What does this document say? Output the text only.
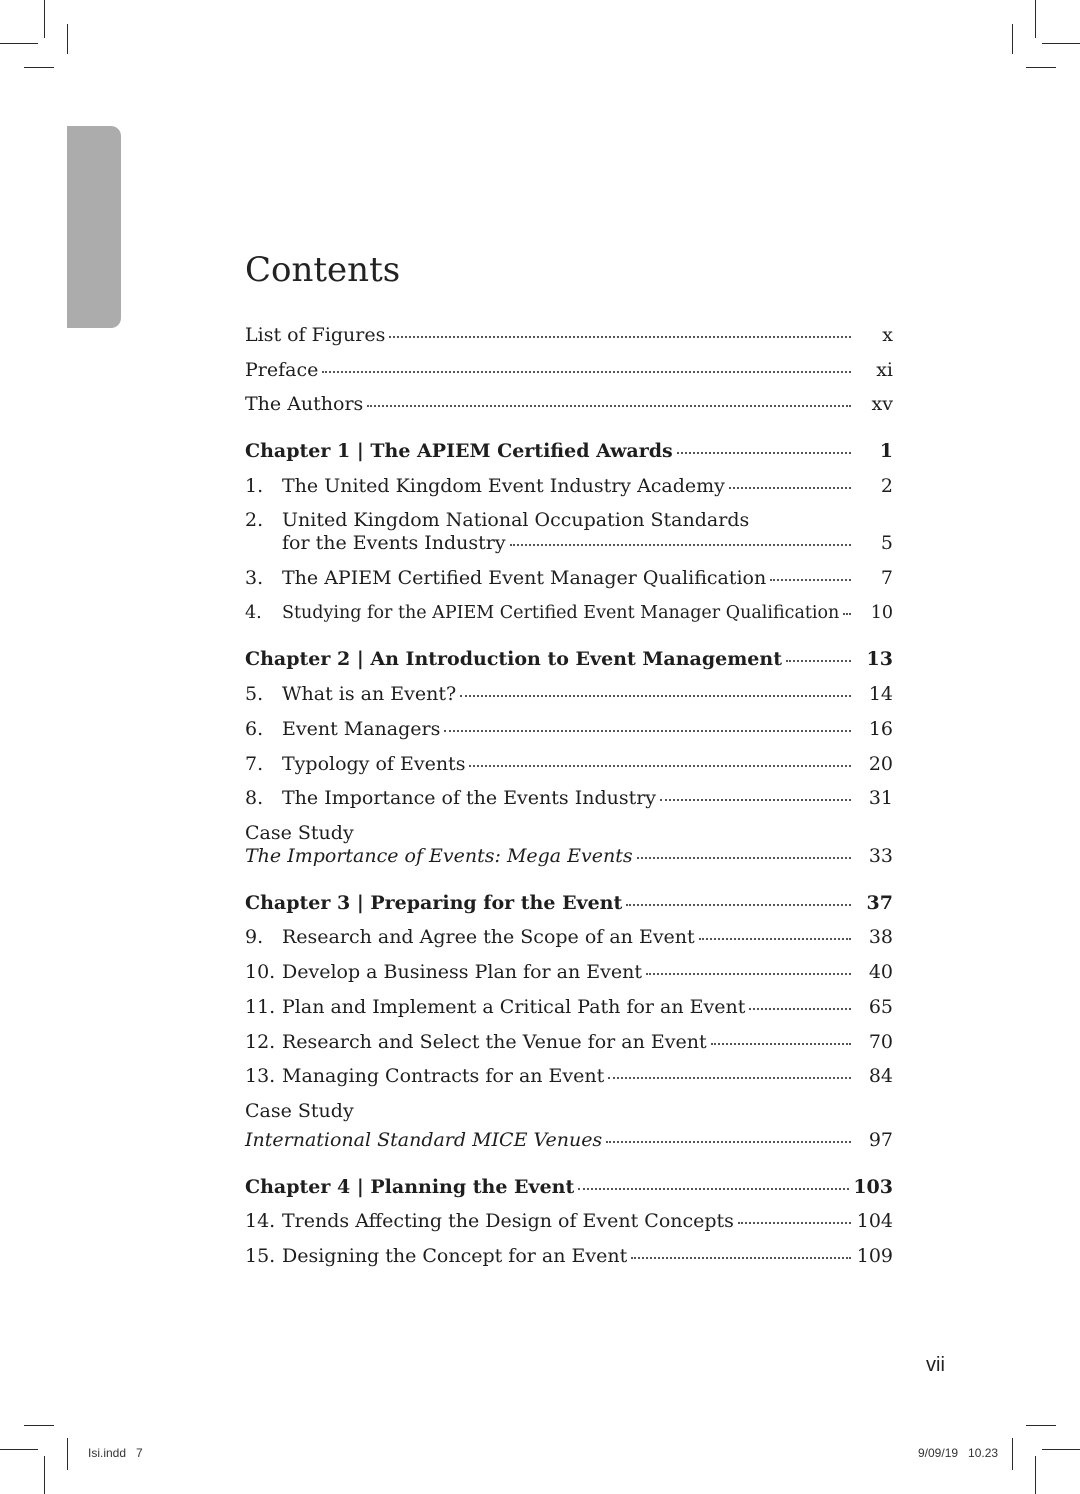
Contents
List of Figures	x
Preface	xi
The Authors	xv
Chapter 1 | The APIEM Certified Awards	1
1. The United Kingdom Event Industry Academy	2
2. United Kingdom National Occupation Standards
for the Events Industry	5
3. The APIEM Certified Event Manager Qualification	7
4.	Studying for the APIEM Certified Event Manager Qualification	10
Chapter 2 | An Introduction to Event Management	13
5. What is an Event?	14
6. Event Managers	16
7. Typology of Events	20
8. The Importance of the Events Industry	31
Case Study
The Importance of Events: Mega Events	33
Chapter 3 | Preparing for the Event	37
9. Research and Agree the Scope of an Event	38
10. Develop a Business Plan for an Event	40
11. Plan and Implement a Critical Path for an Event	65
12. Research and Select the Venue for an Event	70
13. Managing Contracts for an Event	84
Case Study
International Standard MICE Venues	97
Chapter 4 | Planning the Event	103
14. Trends Affecting the Design of Event Concepts	104
15. Designing the Concept for an Event	109
vii
Isi.indd   7	9/09/19   10.23
